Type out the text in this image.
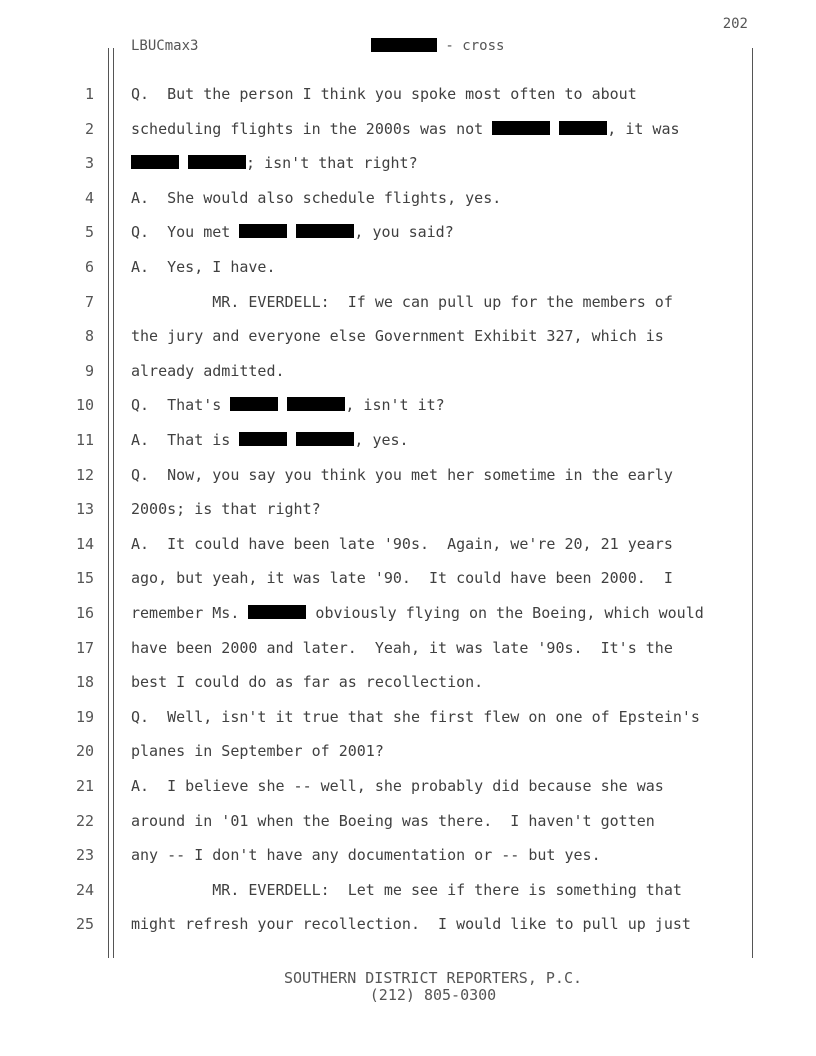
202
LBUCmax3	- cross
1 Q.  But the person I think you spoke most often to about
2 scheduling flights in the 2000s was not
	, it was
3
	; isn't that right?
4 A.  She would also schedule flights, yes.
5 Q.  You met
	, you said?
6 A.  Yes, I have.
7 MR. EVERDELL:  If we can pull up for the members of
8 the jury and everyone else Government Exhibit 327, which is
9 already admitted.
10 Q.  That's
	, isn't it?
11 A.  That is
	, yes.
12 Q.  Now, you say you think you met her sometime in the early
13 2000s; is that right?
14 A.  It could have been late '90s.  Again, we're 20, 21 years
15 ago, but yeah, it was late '90.  It could have been 2000.  I
16 remember Ms.	obviously flying on the Boeing, which would
17 have been 2000 and later.  Yeah, it was late '90s.  It's the
18 best I could do as far as recollection.
19 Q.  Well, isn't it true that she first flew on one of Epstein's
20 planes in September of 2001?
21 A.  I believe she -- well, she probably did because she was
22 around in '01 when the Boeing was there.  I haven't gotten
23 any -- I don't have any documentation or -- but yes.
24 MR. EVERDELL:  Let me see if there is something that
25 might refresh your recollection.  I would like to pull up just
SOUTHERN DISTRICT REPORTERS, P.C.
(212) 805-0300
